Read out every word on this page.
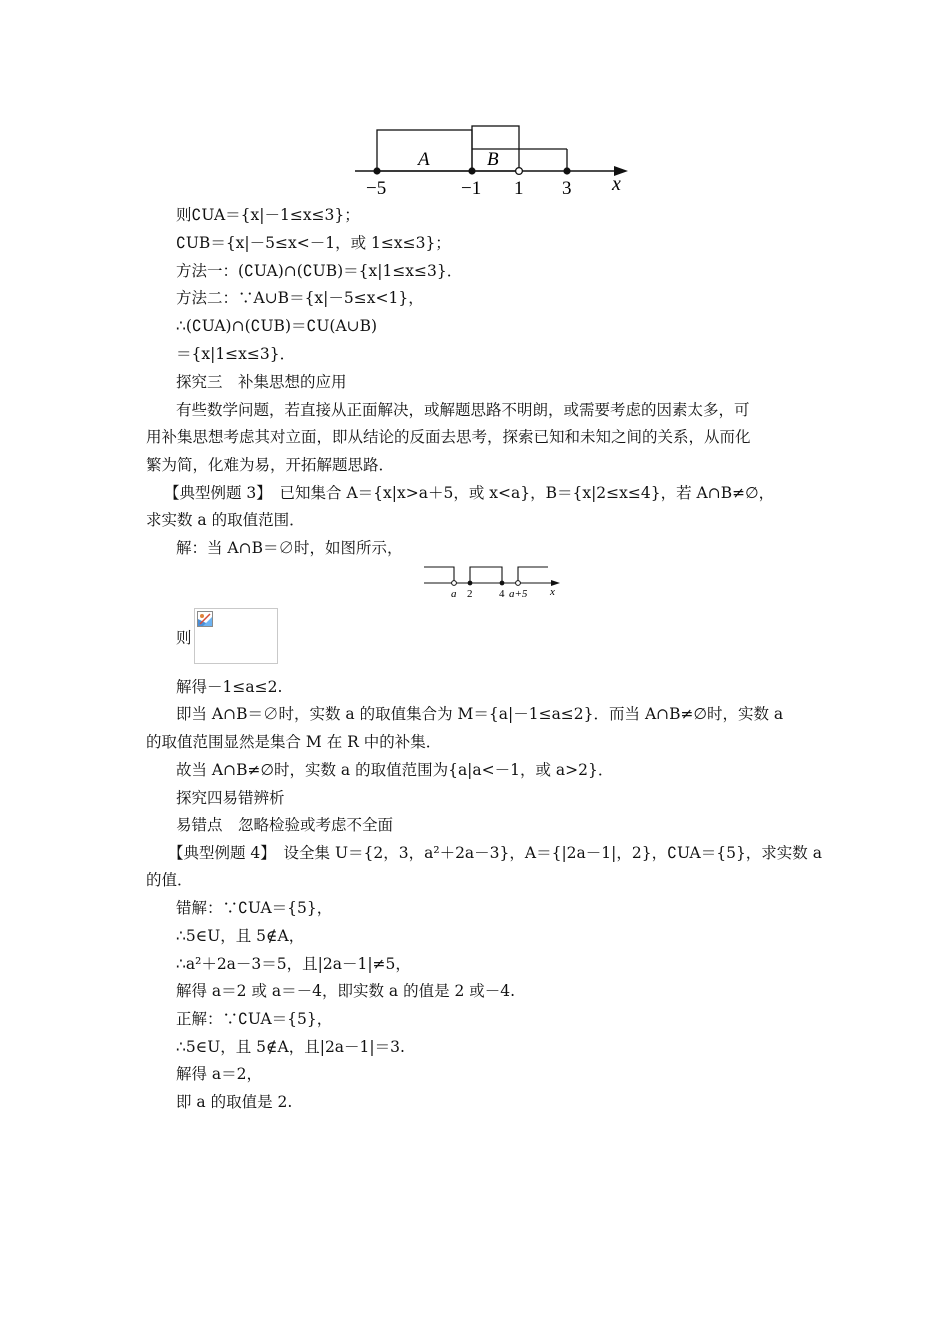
A	B
−5	−1 1 3 x
则∁UA＝{x|－1≤x≤3}；
∁UB＝{x|－5≤x<－1，或 1≤x≤3}；
方法一：(∁UA)∩(∁UB)＝{x|1≤x≤3}．
方法二：∵A∪B＝{x|－5≤x<1}，
∴(∁UA)∩(∁UB)＝∁U(A∪B)
＝{x|1≤x≤3}．
探究三　补集思想的应用
有些数学问题，若直接从正面解决，或解题思路不明朗，或需要考虑的因素太多，可
用补集思想考虑其对立面，即从结论的反面去思考，探索已知和未知之间的关系，从而化
繁为简，化难为易，开拓解题思路．
【典型例题 3】　已知集合 A＝{x|x>a＋5，或 x<a}，B＝{x|2≤x≤4}，若 A∩B≠∅，
求实数 a 的取值范围．
解：当 A∩B＝∅时，如图所示，
a 2 4 a+5 x
则
解得－1≤a≤2.
即当 A∩B＝∅时，实数 a 的取值集合为 M＝{a|－1≤a≤2}．而当 A∩B≠∅时，实数 a
的取值范围显然是集合 M 在 R 中的补集．
故当 A∩B≠∅时，实数 a 的取值范围为{a|a<－1，或 a>2}．
探究四易错辨析
易错点　忽略检验或考虑不全面
【典型例题 4】　设全集 U＝{2，3，a²＋2a－3}，A＝{|2a－1|，2}，∁UA＝{5}，求实数 a
的值．
错解：∵∁UA＝{5}，
∴5∈U，且 5∉A，
∴a²＋2a－3＝5，且|2a－1|≠5，
解得 a＝2 或 a＝－4，即实数 a 的值是 2 或－4.
正解：∵∁UA＝{5}，
∴5∈U，且 5∉A，且|2a－1|＝3.
解得 a＝2，
即 a 的取值是 2.
